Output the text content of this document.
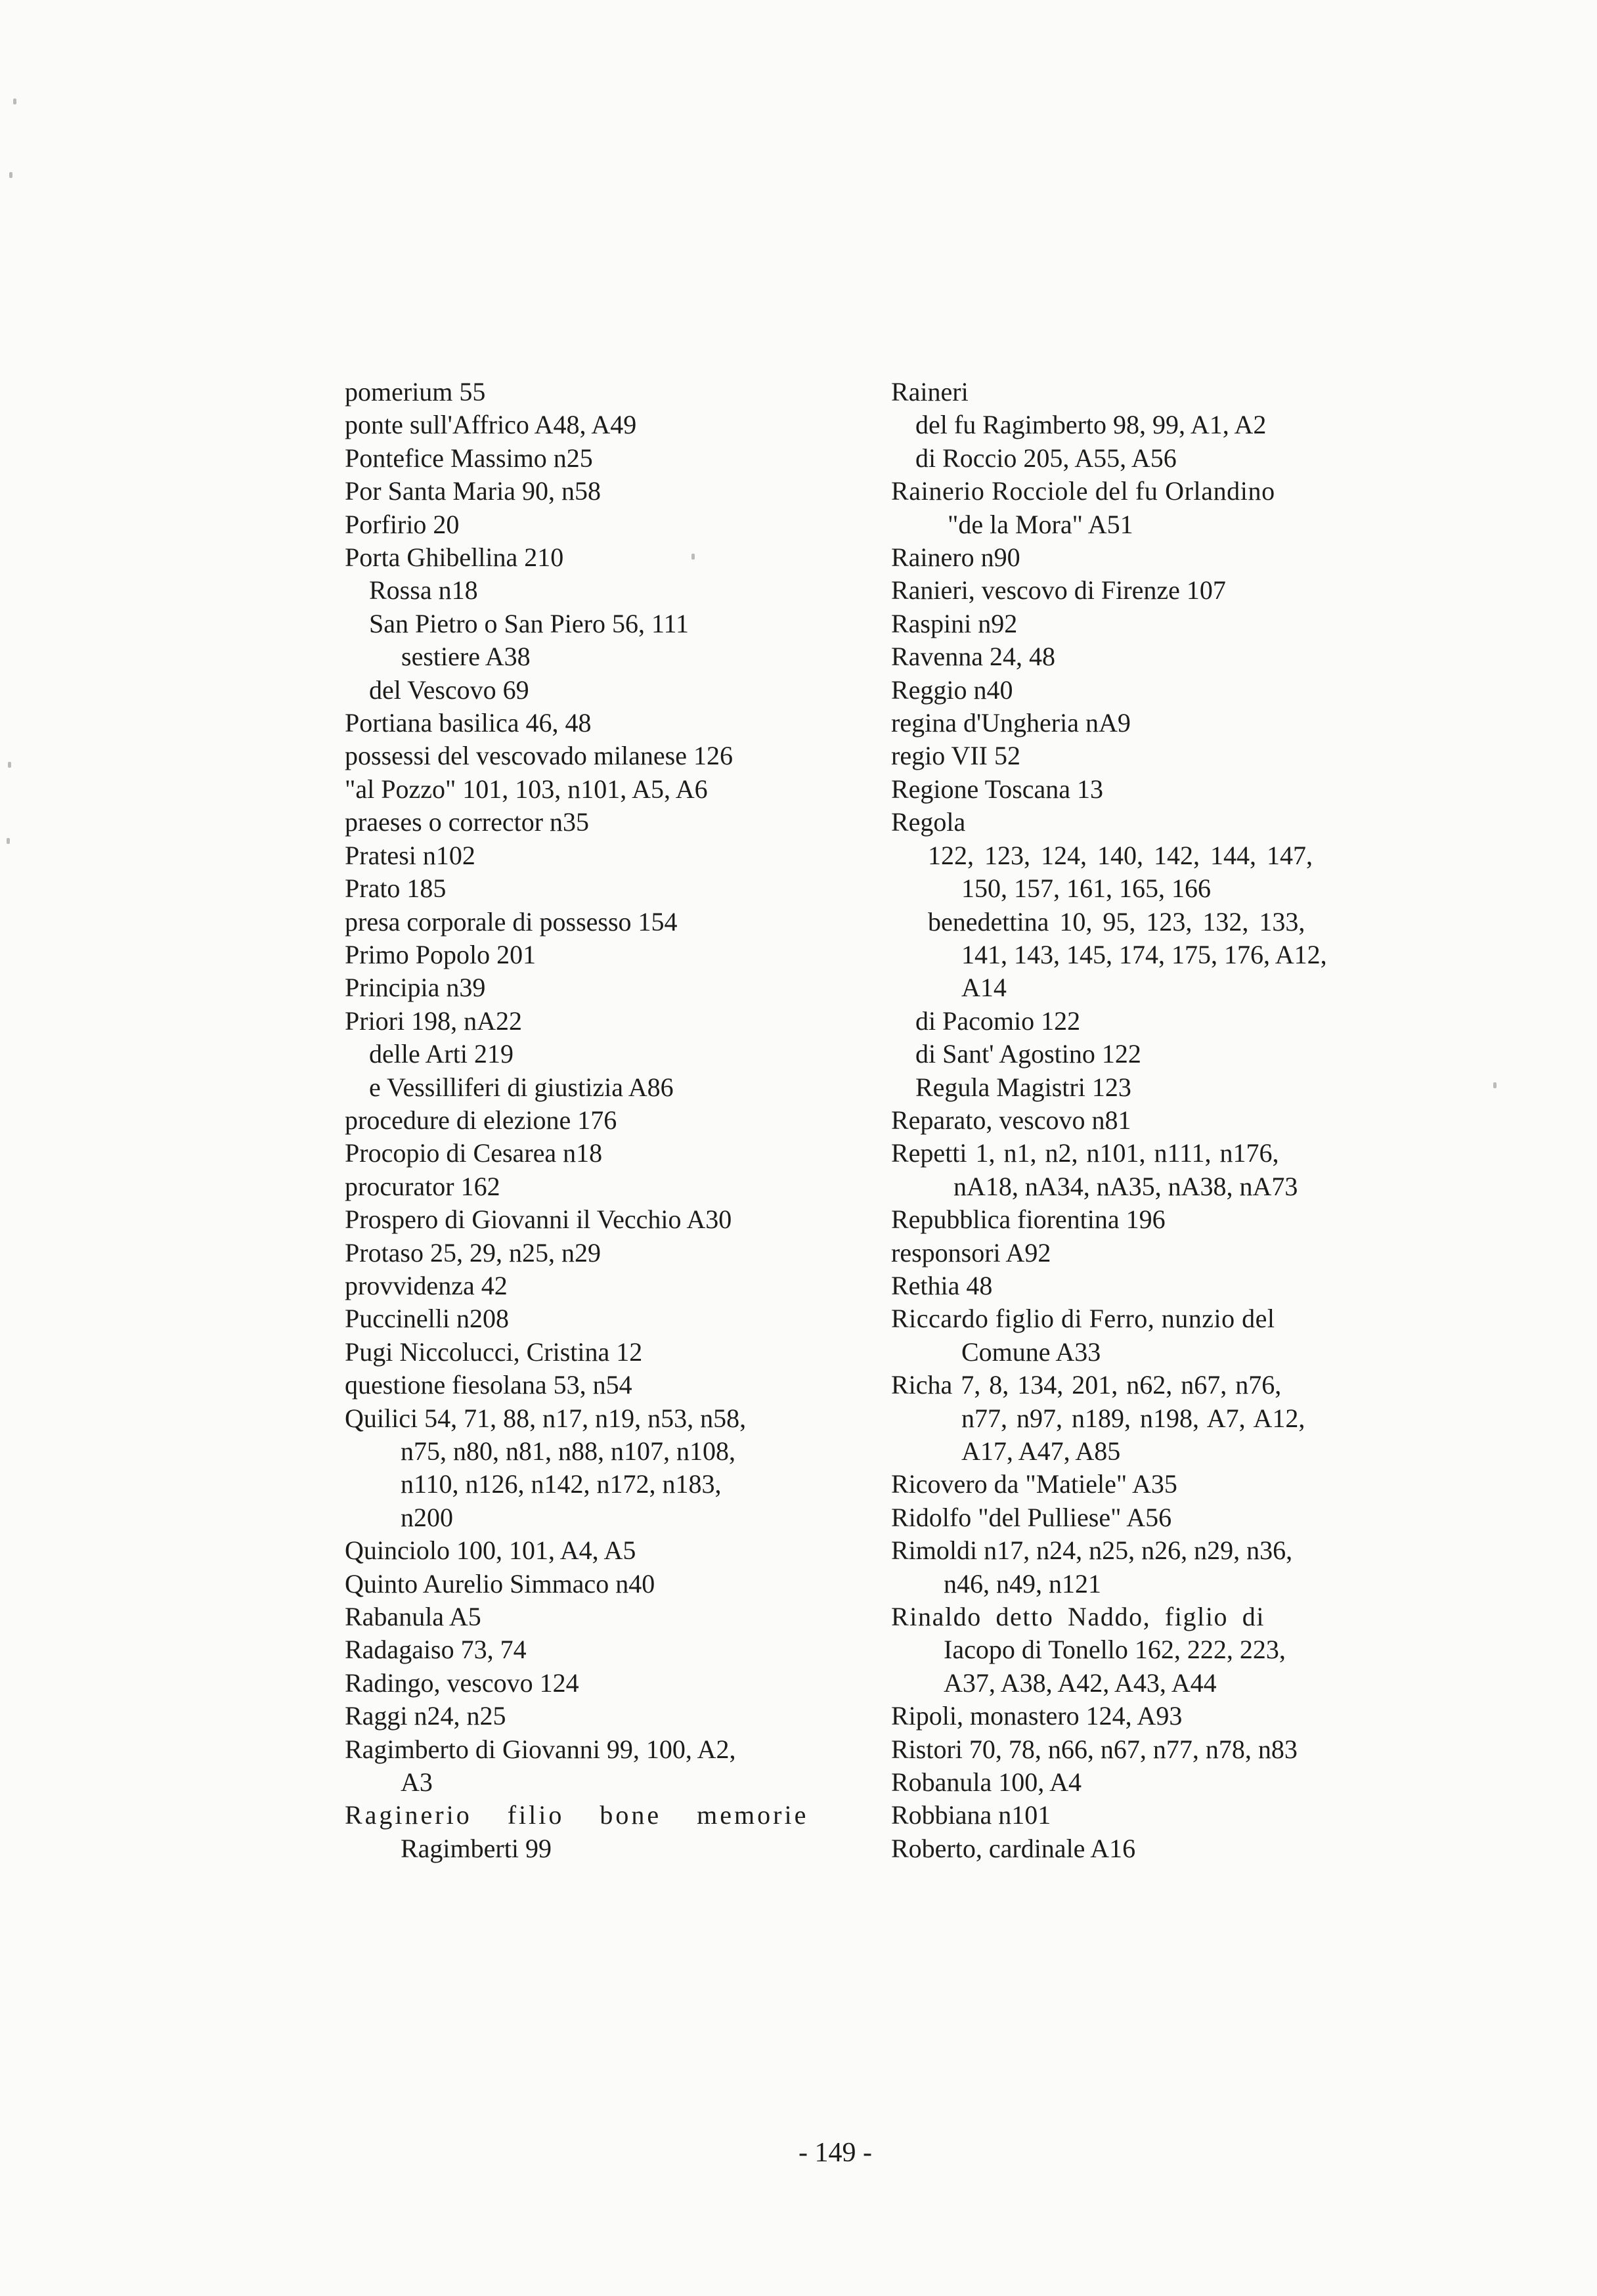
pomerium 55
ponte sull'Affrico A48, A49
Pontefice Massimo n25
Por Santa Maria 90, n58
Porfirio 20
Porta Ghibellina 210
Rossa n18
San Pietro o San Piero 56, 111
sestiere A38
del Vescovo 69
Portiana basilica 46, 48
possessi del vescovado milanese 126
"al Pozzo" 101, 103, n101, A5, A6
praeses o corrector n35
Pratesi n102
Prato 185
presa corporale di possesso 154
Primo Popolo 201
Principia n39
Priori 198, nA22
delle Arti 219
e Vessilliferi di giustizia A86
procedure di elezione 176
Procopio di Cesarea n18
procurator 162
Prospero di Giovanni il Vecchio A30
Protaso 25, 29, n25, n29
provvidenza 42
Puccinelli n208
Pugi Niccolucci, Cristina 12
questione fiesolana 53, n54
Quilici 54, 71, 88, n17, n19, n53, n58,
n75, n80, n81, n88, n107, n108,
n110, n126, n142, n172, n183,
n200
Quinciolo 100, 101, A4, A5
Quinto Aurelio Simmaco n40
Rabanula A5
Radagaiso 73, 74
Radingo, vescovo 124
Raggi n24, n25
Ragimberto di Giovanni 99, 100, A2,
A3
Raginerio filio bone memorie
Ragimberti 99
Raineri
del fu Ragimberto 98, 99, A1, A2
di Roccio 205, A55, A56
Rainerio Rocciole del fu Orlandino
"de la Mora" A51
Rainero n90
Ranieri, vescovo di Firenze 107
Raspini n92
Ravenna 24, 48
Reggio n40
regina d'Ungheria nA9
regio VII 52
Regione Toscana 13
Regola
122, 123, 124, 140, 142, 144, 147,
150, 157, 161, 165, 166
benedettina 10, 95, 123, 132, 133,
141, 143, 145, 174, 175, 176, A12,
A14
di Pacomio 122
di Sant' Agostino 122
Regula Magistri 123
Reparato, vescovo n81
Repetti 1, n1, n2, n101, n111, n176,
nA18, nA34, nA35, nA38, nA73
Repubblica fiorentina 196
responsori A92
Rethia 48
Riccardo figlio di Ferro, nunzio del
Comune A33
Richa 7, 8, 134, 201, n62, n67, n76,
n77, n97, n189, n198, A7, A12,
A17, A47, A85
Ricovero da "Matiele" A35
Ridolfo "del Pulliese" A56
Rimoldi n17, n24, n25, n26, n29, n36,
n46, n49, n121
Rinaldo detto Naddo, figlio di
Iacopo di Tonello 162, 222, 223,
A37, A38, A42, A43, A44
Ripoli, monastero 124, A93
Ristori 70, 78, n66, n67, n77, n78, n83
Robanula 100, A4
Robbiana n101
Roberto, cardinale A16
- 149 -
